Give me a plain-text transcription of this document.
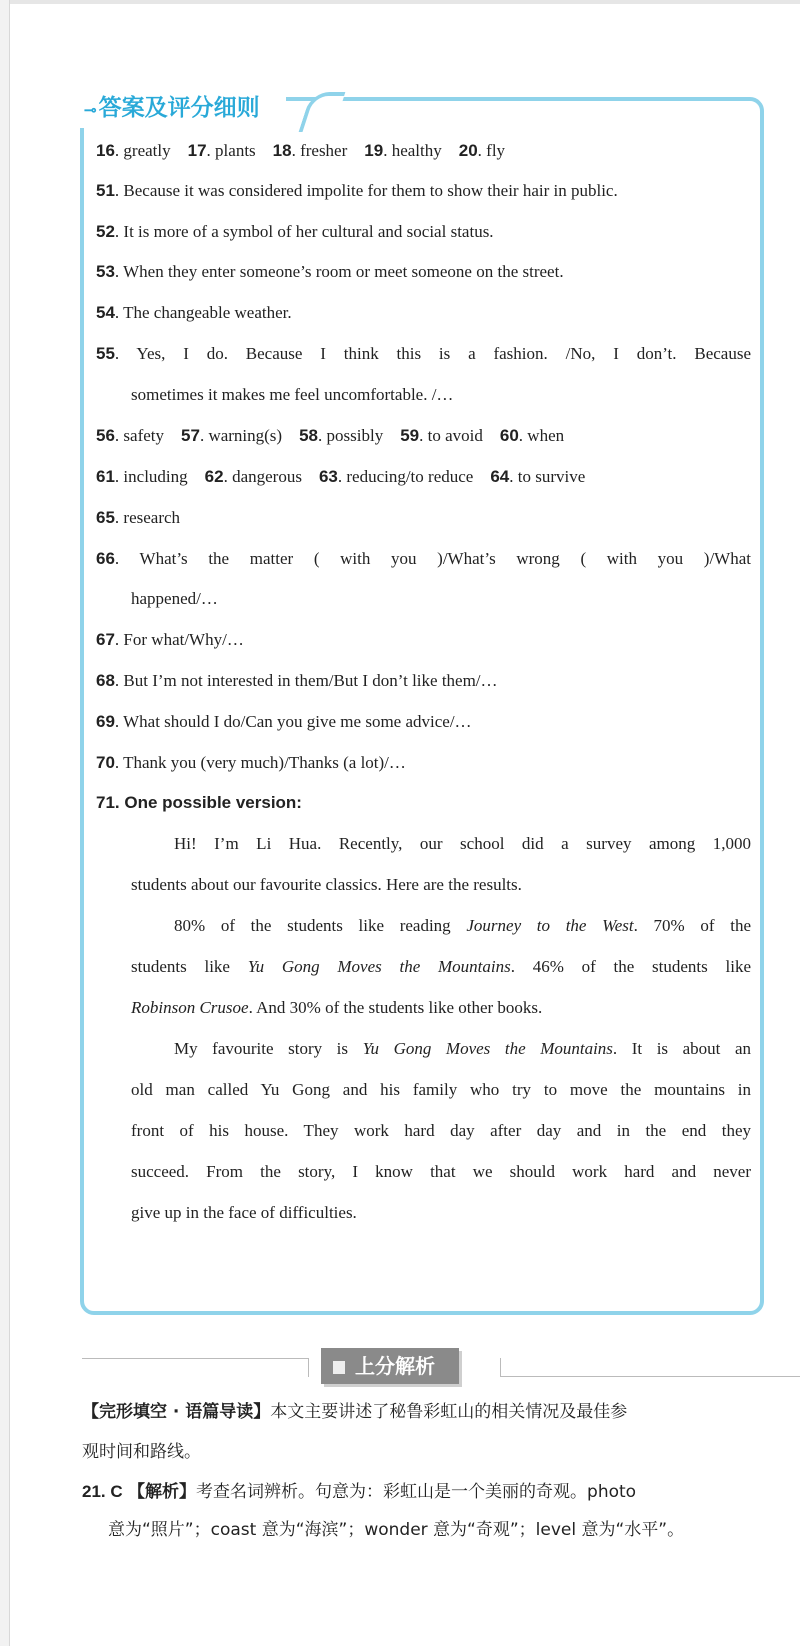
⊸答案及评分细则
16. greatly    17. plants    18. fresher    19. healthy    20. fly
51. Because it was considered impolite for them to show their hair in public.
52. It is more of a symbol of her cultural and social status.
53. When they enter someone’s room or meet someone on the street.
54. The changeable weather.
55. Yes, I do. Because I think this is a fashion. /No, I don’t. Because
sometimes it makes me feel uncomfortable. /…
56. safety    57. warning(s)    58. possibly    59. to avoid    60. when
61. including    62. dangerous    63. reducing/to reduce    64. to survive
65. research
66. What’s the matter ( with you )/What’s wrong ( with you )/What
happened/…
67. For what/Why/…
68. But I’m not interested in them/But I don’t like them/…
69. What should I do/Can you give me some advice/…
70. Thank you (very much)/Thanks (a lot)/…
71. One possible version:
Hi! I’m Li Hua. Recently, our school did a survey among 1,000
students about our favourite classics. Here are the results.
80% of the students like reading Journey to the West. 70% of the
students like Yu Gong Moves the Mountains. 46% of the students like
Robinson Crusoe. And 30% of the students like other books.
My favourite story is Yu Gong Moves the Mountains. It is about an
old man called Yu Gong and his family who try to move the mountains in
front of his house. They work hard day after day and in the end they
succeed. From the story, I know that we should work hard and never
give up in the face of difficulties.
上分解析
【完形填空 · 语篇导读】本文主要讲述了秘鲁彩虹山的相关情况及最佳参
观时间和路线。
21. C 【解析】考查名词辨析。句意为：彩虹山是一个美丽的奇观。photo
意为“照片”；coast 意为“海滨”；wonder 意为“奇观”；level 意为“水平”。
